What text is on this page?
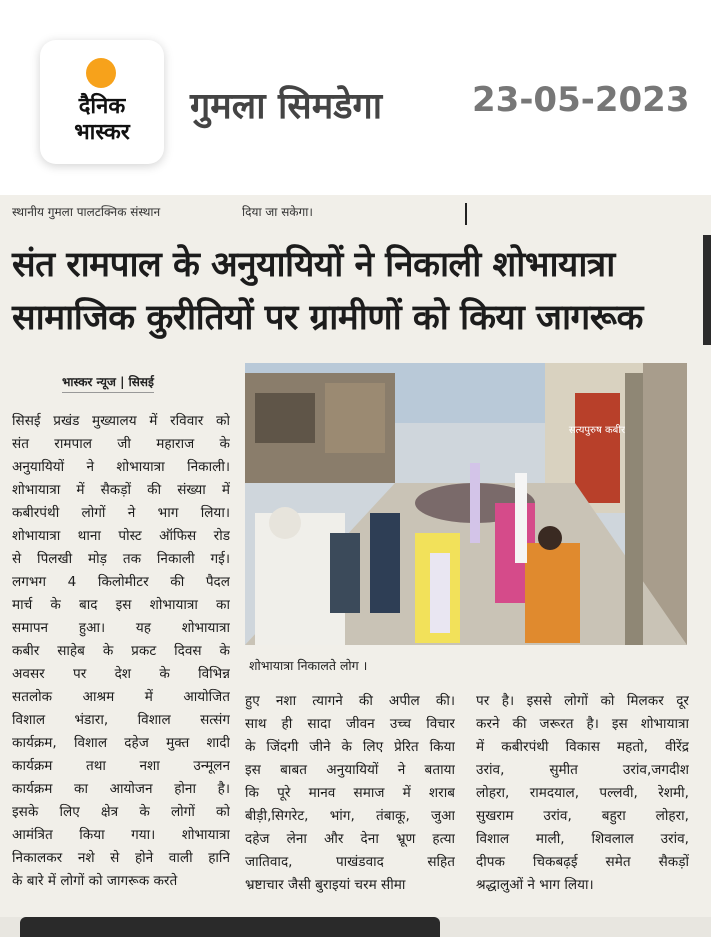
दैनिक
भास्कर
गुमला सिमडेगा	23-05-2023
स्थानीय गुमला पालटक्निक संस्थान	दिया जा सकेगा।
संत रामपाल के अनुयायियों ने निकाली शोभायात्रा
सामाजिक कुरीतियों पर ग्रामीणों को किया जागरूक
भास्कर न्यूज | सिसई
सिसई प्रखंड मुख्यालय में रविवार को
संत रामपाल जी महाराज के
अनुयायियों ने शोभायात्रा निकाली।
शोभायात्रा में सैकड़ों की संख्या में
कबीरपंथी लोगों ने भाग लिया।
शोभायात्रा थाना पोस्ट ऑफिस रोड
से पिलखी मोड़ तक निकाली गई।
लगभग 4 किलोमीटर की पैदल
मार्च के बाद इस शोभायात्रा का
समापन हुआ। यह शोभायात्रा
कबीर साहेब के प्रकट दिवस के
अवसर पर देश के विभिन्न
सतलोक आश्रम में आयोजित
विशाल भंडारा, विशाल सत्संग
कार्यक्रम, विशाल दहेज मुक्त शादी
कार्यक्रम तथा नशा उन्मूलन
कार्यक्रम का आयोजन होना है।
इसके लिए क्षेत्र के लोगों को
आमंत्रित किया गया। शोभायात्रा
निकालकर नशे से होने वाली हानि
के बारे में लोगों को जागरूक करते
सत्यपुरुष कबीर
शोभायात्रा निकालते लोग ।
हुए नशा त्यागने की अपील की।
साथ ही सादा जीवन उच्च विचार
के जिंदगी जीने के लिए प्रेरित किया
इस बाबत अनुयायियों ने बताया
कि पूरे मानव समाज में शराब
बीड़ी,सिगरेट, भांग, तंबाकू, जुआ
दहेज लेना और देना भ्रूण हत्या
जातिवाद, पाखंडवाद सहित
भ्रष्टाचार जैसी बुराइयां चरम सीमा
पर है। इससे लोगों को मिलकर दूर
करने की जरूरत है। इस शोभायात्रा
में कबीरपंथी विकास महतो, वीरेंद्र
उरांव, सुमीत उरांव,जगदीश
लोहरा, रामदयाल, पल्लवी, रेशमी,
सुखराम उरांव, बहुरा लोहरा,
विशाल माली, शिवलाल उरांव,
दीपक चिकबढ़ई समेत सैकड़ों
श्रद्धालुओं ने भाग लिया।
